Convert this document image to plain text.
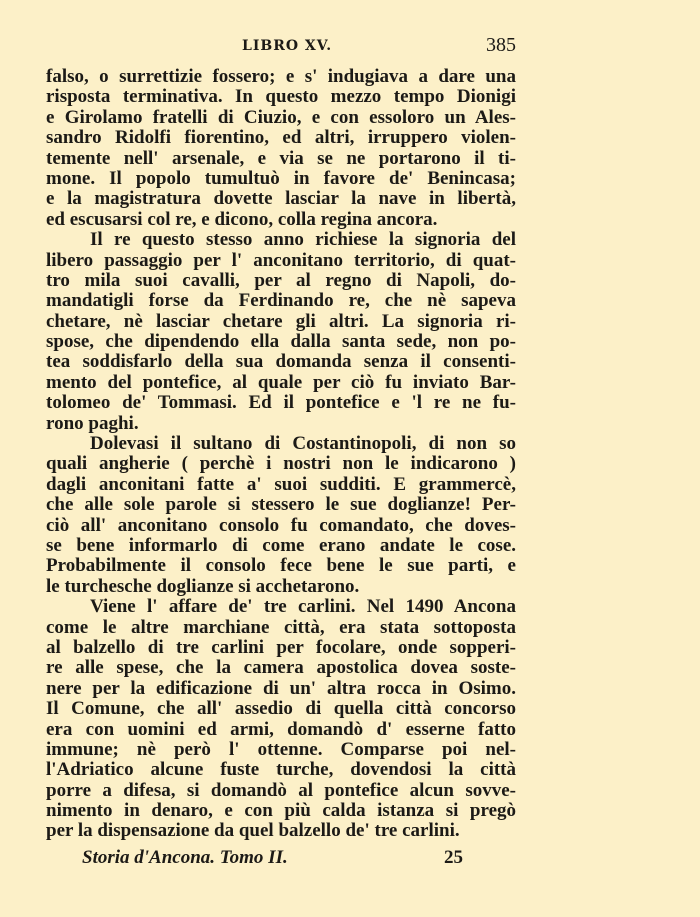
LIBRO XV.	385
falso, o surrettizie fossero; e s' indugiava a dare una
risposta terminativa. In questo mezzo tempo Dionigi
e Girolamo fratelli di Ciuzio, e con essoloro un Ales-
sandro Ridolfi fiorentino, ed altri, irruppero violen-
temente nell' arsenale, e via se ne portarono il ti-
mone. Il popolo tumultuò in favore de' Benincasa;
e la magistratura dovette lasciar la nave in libertà,
ed escusarsi col re, e dicono, colla regina ancora.
Il re questo stesso anno richiese la signoria del
libero passaggio per l' anconitano territorio, di quat-
tro mila suoi cavalli, per al regno di Napoli, do-
mandatigli forse da Ferdinando re, che nè sapeva
chetare, nè lasciar chetare gli altri. La signoria ri-
spose, che dipendendo ella dalla santa sede, non po-
tea soddisfarlo della sua domanda senza il consenti-
mento del pontefice, al quale per ciò fu inviato Bar-
tolomeo de' Tommasi. Ed il pontefice e 'l re ne fu-
rono paghi.
Dolevasi il sultano di Costantinopoli, di non so
quali angherie ( perchè i nostri non le indicarono )
dagli anconitani fatte a' suoi sudditi. E grammercè,
che alle sole parole si stessero le sue doglianze! Per-
ciò all' anconitano consolo fu comandato, che doves-
se bene informarlo di come erano andate le cose.
Probabilmente il consolo fece bene le sue parti, e
le turchesche doglianze si acchetarono.
Viene l' affare de' tre carlini. Nel 1490 Ancona
come le altre marchiane città, era stata sottoposta
al balzello di tre carlini per focolare, onde sopperi-
re alle spese, che la camera apostolica dovea soste-
nere per la edificazione di un' altra rocca in Osimo.
Il Comune, che all' assedio di quella città concorso
era con uomini ed armi, domandò d' esserne fatto
immune; nè però l' ottenne. Comparse poi nel-
l'Adriatico alcune fuste turche, dovendosi la città
porre a difesa, si domandò al pontefice alcun sovve-
nimento in denaro, e con più calda istanza si pregò
per la dispensazione da quel balzello de' tre carlini.
Storia d'Ancona. Tomo II.	25
